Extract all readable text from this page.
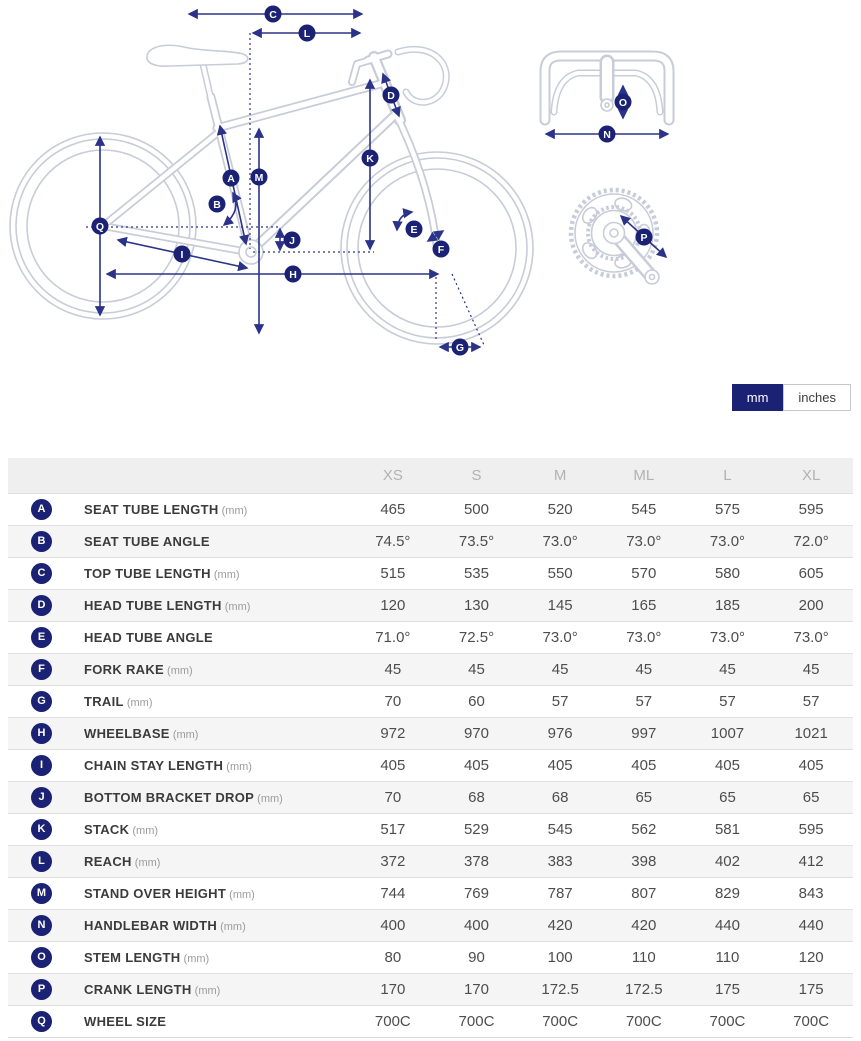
C
L
A M
B
D
K
Q
I
J
H
E
F
G
N
O
P
mm	inches
	XS	S	M	ML	L	XL
A SEAT TUBE LENGTH (mm)	465	500	520	545	575	595
B SEAT TUBE ANGLE	74.5°	73.5°	73.0°	73.0°	73.0°	72.0°
C TOP TUBE LENGTH (mm)	515	535	550	570	580	605
D HEAD TUBE LENGTH (mm)	120	130	145	165	185	200
E HEAD TUBE ANGLE	71.0°	72.5°	73.0°	73.0°	73.0°	73.0°
F FORK RAKE (mm)	45	45	45	45	45	45
G TRAIL (mm)	70	60	57	57	57	57
H WHEELBASE (mm)	972	970	976	997	1007	1021
I CHAIN STAY LENGTH (mm)	405	405	405	405	405	405
J BOTTOM BRACKET DROP (mm)	70	68	68	65	65	65
K STACK (mm)	517	529	545	562	581	595
L REACH (mm)	372	378	383	398	402	412
M STAND OVER HEIGHT (mm)	744	769	787	807	829	843
N HANDLEBAR WIDTH (mm)	400	400	420	420	440	440
O STEM LENGTH (mm)	80	90	100	110	110	120
P CRANK LENGTH (mm)	170	170	172.5	172.5	175	175
Q WHEEL SIZE	700C	700C	700C	700C	700C	700C
